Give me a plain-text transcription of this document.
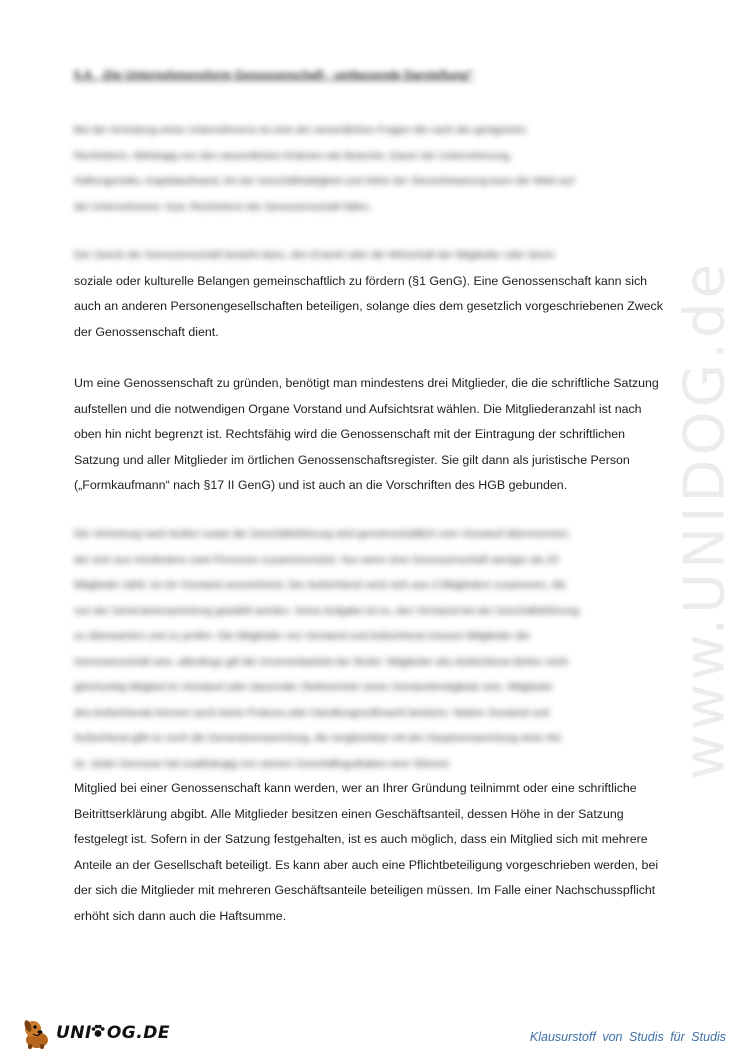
www.UNIDOG.de
5.A. „Die Unternehmensform Genossenschaft - umfassende Darstellung“
Bei der Gründung eines Unternehmens ist eine der wesentlichen Fragen die nach der geeigneten
Rechtsform. Abhängig von den wesentlichen Kriterien wie Branche, Dauer der Unternehmung,
Haftungsrisiko, Kapitalaufwand, Art der Geschäftstätigkeit und Höhe der Steuerbelastung kann die Wahl auf
die Unternehmens- bzw. Rechtsform der Genossenschaft fallen.
Der Zweck der Genossenschaft besteht darin, den Erwerb oder die Wirtschaft der Mitglieder oder deren
soziale oder kulturelle Belangen gemeinschaftlich zu fördern (§1 GenG). Eine Genossenschaft kann sich
auch an anderen Personengesellschaften beteiligen, solange dies dem gesetzlich vorgeschriebenen Zweck
der Genossenschaft dient.
Um eine Genossenschaft zu gründen, benötigt man mindestens drei Mitglieder, die die schriftliche Satzung
aufstellen und die notwendigen Organe Vorstand und Aufsichtsrat wählen. Die Mitgliederanzahl ist nach
oben hin nicht begrenzt ist. Rechtsfähig wird die Genossenschaft mit der Eintragung der schriftlichen
Satzung und aller Mitglieder im örtlichen Genossenschaftsregister. Sie gilt dann als juristische Person
(„Formkaufmann“ nach §17 II GenG) und ist auch an die Vorschriften des HGB gebunden.
Die Vertretung nach Außen sowie die Geschäftsführung wird gemeinschaftlich vom Vorstand übernommen,
der sich aus mindestens zwei Personen zusammensetzt. Nur wenn eine Genossenschaft weniger als 20
Mitglieder zählt, ist ein Vorstand ausreichend. Der Aufsichtsrat setzt sich aus 3 Mitgliedern zusammen, die
von der Generalversammlung gewählt werden. Seine Aufgabe ist es, den Vorstand bei der Geschäftsführung
zu überwachen und zu prüfen. Die Mitglieder von Vorstand und Aufsichtsrat müssen Mitglieder der
Genossenschaft sein, allerdings gilt die Unvereinbarkeit der Ämter: Mitglieder des Aufsichtsrat dürfen nicht
gleichzeitig Mitglied im Vorstand oder dauernder Stellvertreter eines Vorstandsmitglieds sein. Mitglieder
des Aufsichtsrats können auch keine Prokura oder Handlungsvollmacht besitzen. Neben Vorstand und
Aufsichtsrat gibt es noch die Generalversammlung, die vergleichbar mit der Hauptversammlung einer AG
ist. Jeder Genosse hat unabhängig von seinem Geschäftsguthaben eine Stimme.
Mitglied bei einer Genossenschaft kann werden, wer an Ihrer Gründung teilnimmt oder eine schriftliche
Beitrittserklärung abgibt. Alle Mitglieder besitzen einen Geschäftsanteil, dessen Höhe in der Satzung
festgelegt ist. Sofern in der Satzung festgehalten, ist es auch möglich, dass ein Mitglied sich mit mehrere
Anteile an der Gesellschaft beteiligt. Es kann aber auch eine Pflichtbeteiligung vorgeschrieben werden, bei
der sich die Mitglieder mit mehreren Geschäftsanteile beteiligen müssen. Im Falle einer Nachschusspflicht
erhöht sich dann auch die Haftsumme.
UNI OG.DE	Klausurstoff von Studis für Studis
